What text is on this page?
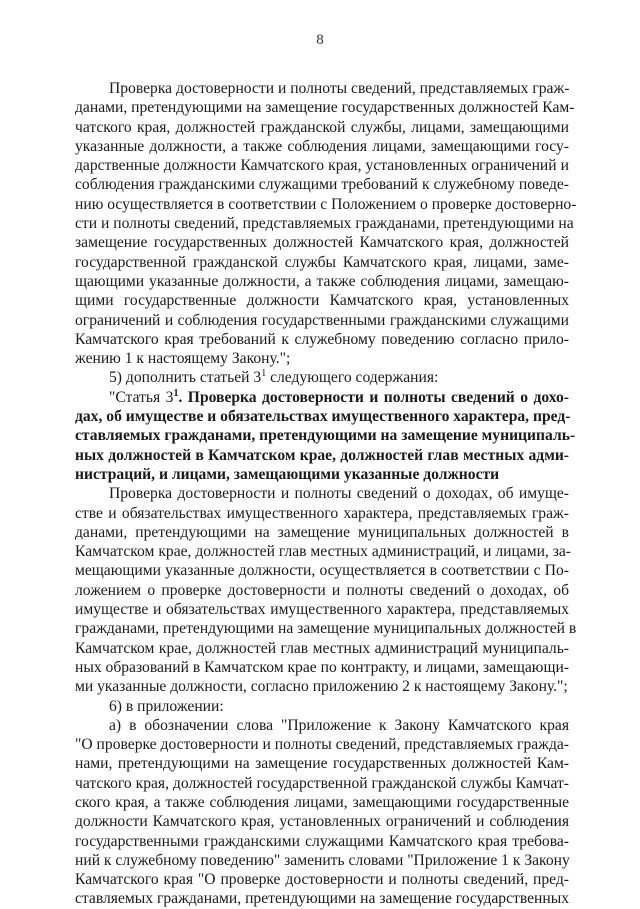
8
Проверка достоверности и полноты сведений, представляемых граж-
данами, претендующими на замещение государственных должностей Кам-
чатского края, должностей гражданской службы, лицами, замещающими
указанные должности, а также соблюдения лицами, замещающими госу-
дарственные должности Камчатского края, установленных ограничений и
соблюдения гражданскими служащими требований к служебному поведе-
нию осуществляется в соответствии с Положением о проверке достоверно-
сти и полноты сведений, представляемых гражданами, претендующими на
замещение государственных должностей Камчатского края, должностей
государственной гражданской службы Камчатского края, лицами, заме-
щающими указанные должности, а также соблюдения лицами, замещаю-
щими государственные должности Камчатского края, установленных
ограничений и соблюдения государственными гражданскими служащими
Камчатского края требований к служебному поведению согласно прило-
жению 1 к настоящему Закону.";
5) дополнить статьей $3^1$ следующего содержания:
"Статья $3^1$. Проверка достоверности и полноты сведений о дохо-
дах, об имуществе и обязательствах имущественного характера, пред-
ставляемых гражданами, претендующими на замещение муниципаль-
ных должностей в Камчатском крае, должностей глав местных адми-
нистраций, и лицами, замещающими указанные должности
Проверка достоверности и полноты сведений о доходах, об имуще-
стве и обязательствах имущественного характера, представляемых граж-
данами, претендующими на замещение муниципальных должностей в
Камчатском крае, должностей глав местных администраций, и лицами, за-
мещающими указанные должности, осуществляется в соответствии с По-
ложением о проверке достоверности и полноты сведений о доходах, об
имуществе и обязательствах имущественного характера, представляемых
гражданами, претендующими на замещение муниципальных должностей в
Камчатском крае, должностей глав местных администраций муниципаль-
ных образований в Камчатском крае по контракту, и лицами, замещающи-
ми указанные должности, согласно приложению 2 к настоящему Закону.";
6) в приложении:
а) в обозначении слова "Приложение к Закону Камчатского края
"О проверке достоверности и полноты сведений, представляемых гражда-
нами, претендующими на замещение государственных должностей Кам-
чатского края, должностей государственной гражданской службы Камчат-
ского края, а также соблюдения лицами, замещающими государственные
должности Камчатского края, установленных ограничений и соблюдения
государственными гражданскими служащими Камчатского края требова-
ний к служебному поведению" заменить словами "Приложение 1 к Закону
Камчатского края "О проверке достоверности и полноты сведений, пред-
ставляемых гражданами, претендующими на замещение государственных
